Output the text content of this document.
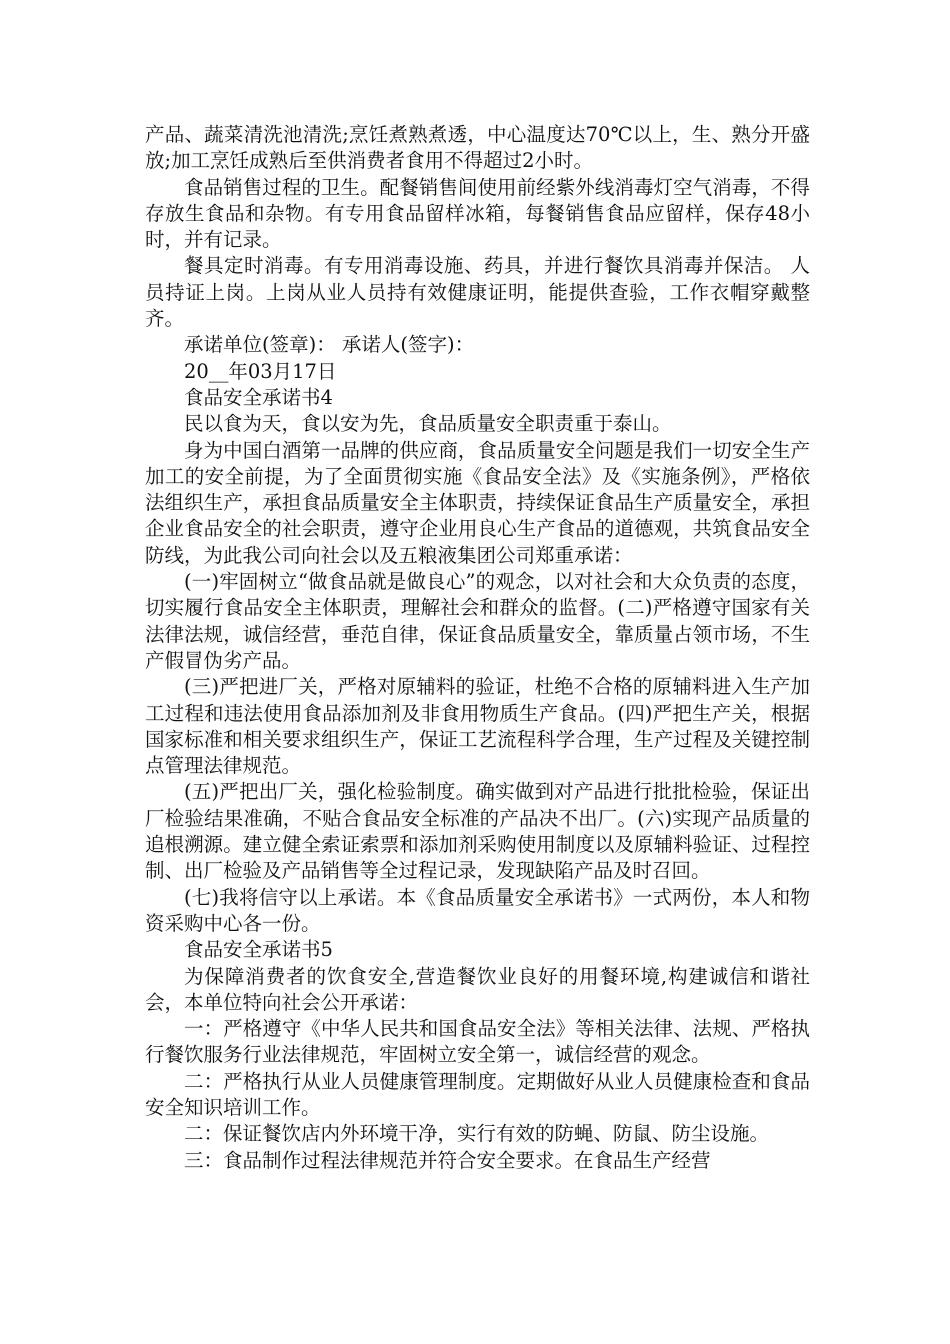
产品、蔬菜清洗池清洗;烹饪煮熟煮透，中心温度达70℃以上，生、熟分开盛放;加工烹饪成熟后至供消费者食用不得超过2小时。

食品销售过程的卫生。配餐销售间使用前经紫外线消毒灯空气消毒，不得存放生食品和杂物。有专用食品留样冰箱，每餐销售食品应留样，保存48小时，并有记录。

餐具定时消毒。有专用消毒设施、药具，并进行餐饮具消毒并保洁。 人员持证上岗。上岗从业人员持有效健康证明，能提供查验，工作衣帽穿戴整齐。

承诺单位(签章)： 承诺人(签字)：

20__年03月17日

食品安全承诺书4

民以食为天，食以安为先，食品质量安全职责重于泰山。

身为中国白酒第一品牌的供应商，食品质量安全问题是我们一切安全生产加工的安全前提，为了全面贯彻实施《食品安全法》及《实施条例》，严格依法组织生产，承担食品质量安全主体职责，持续保证食品生产质量安全，承担企业食品安全的社会职责，遵守企业用良心生产食品的道德观，共筑食品安全防线，为此我公司向社会以及五粮液集团公司郑重承诺：

(一)牢固树立“做食品就是做良心”的观念，以对社会和大众负责的态度，切实履行食品安全主体职责，理解社会和群众的监督。(二)严格遵守国家有关法律法规，诚信经营，垂范自律，保证食品质量安全，靠质量占领市场，不生产假冒伪劣产品。

(三)严把进厂关，严格对原辅料的验证，杜绝不合格的原辅料进入生产加工过程和违法使用食品添加剂及非食用物质生产食品。(四)严把生产关，根据国家标准和相关要求组织生产，保证工艺流程科学合理，生产过程及关键控制点管理法律规范。

(五)严把出厂关，强化检验制度。确实做到对产品进行批批检验，保证出厂检验结果准确，不贴合食品安全标准的产品决不出厂。(六)实现产品质量的追根溯源。建立健全索证索票和添加剂采购使用制度以及原辅料验证、过程控制、出厂检验及产品销售等全过程记录，发现缺陷产品及时召回。

(七)我将信守以上承诺。本《食品质量安全承诺书》一式两份，本人和物资采购中心各一份。

食品安全承诺书5

为保障消费者的饮食安全,营造餐饮业良好的用餐环境,构建诚信和谐社会，本单位特向社会公开承诺：

一：严格遵守《中华人民共和国食品安全法》等相关法律、法规、严格执行餐饮服务行业法律规范，牢固树立安全第一，诚信经营的观念。

二：严格执行从业人员健康管理制度。定期做好从业人员健康检查和食品安全知识培训工作。

二：保证餐饮店内外环境干净，实行有效的防蝇、防鼠、防尘设施。

三：食品制作过程法律规范并符合安全要求。在食品生产经营
